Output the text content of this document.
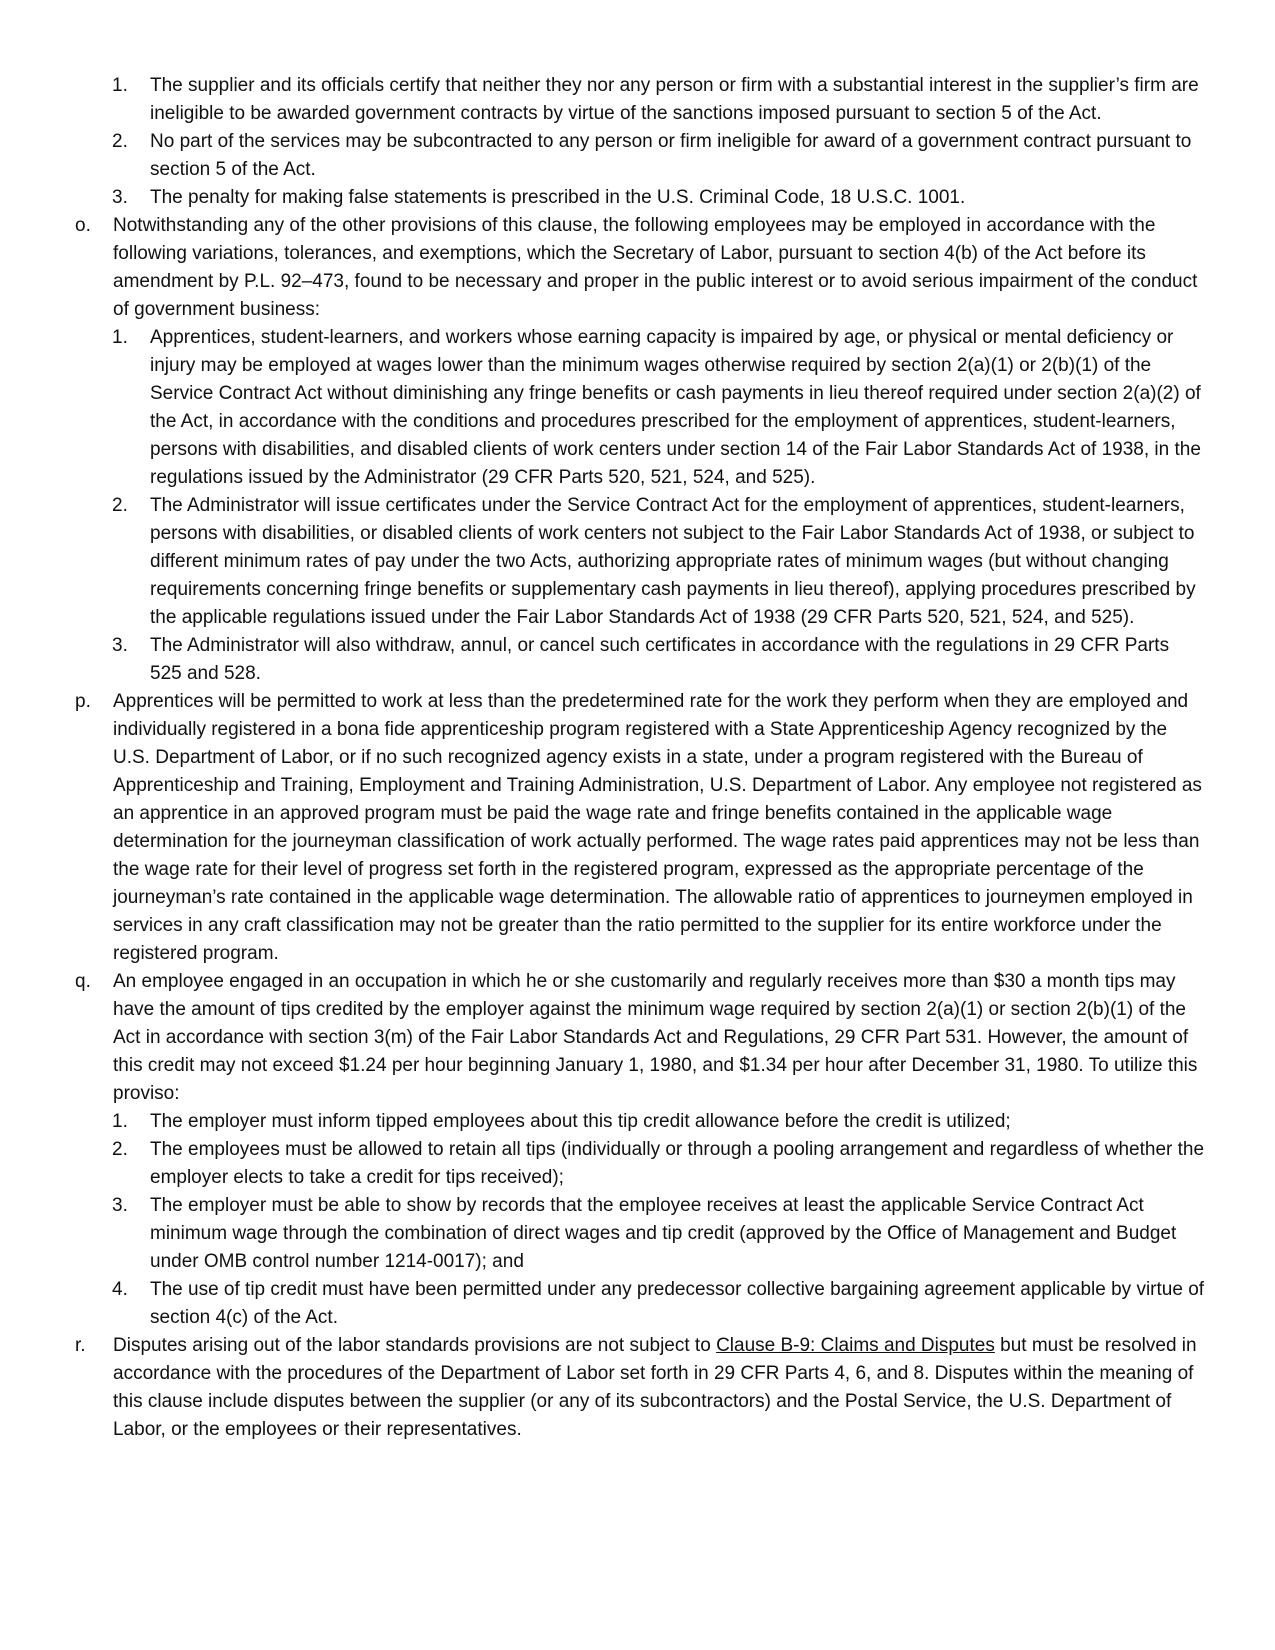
1. The supplier and its officials certify that neither they nor any person or firm with a substantial interest in the supplier’s firm are ineligible to be awarded government contracts by virtue of the sanctions imposed pursuant to section 5 of the Act.
2. No part of the services may be subcontracted to any person or firm ineligible for award of a government contract pursuant to section 5 of the Act.
3. The penalty for making false statements is prescribed in the U.S. Criminal Code, 18 U.S.C. 1001.
o. Notwithstanding any of the other provisions of this clause, the following employees may be employed in accordance with the following variations, tolerances, and exemptions, which the Secretary of Labor, pursuant to section 4(b) of the Act before its amendment by P.L. 92–473, found to be necessary and proper in the public interest or to avoid serious impairment of the conduct of government business:
1. Apprentices, student-learners, and workers whose earning capacity is impaired by age, or physical or mental deficiency or injury may be employed at wages lower than the minimum wages otherwise required by section 2(a)(1) or 2(b)(1) of the Service Contract Act without diminishing any fringe benefits or cash payments in lieu thereof required under section 2(a)(2) of the Act, in accordance with the conditions and procedures prescribed for the employment of apprentices, student-learners, persons with disabilities, and disabled clients of work centers under section 14 of the Fair Labor Standards Act of 1938, in the regulations issued by the Administrator (29 CFR Parts 520, 521, 524, and 525).
2. The Administrator will issue certificates under the Service Contract Act for the employment of apprentices, student-learners, persons with disabilities, or disabled clients of work centers not subject to the Fair Labor Standards Act of 1938, or subject to different minimum rates of pay under the two Acts, authorizing appropriate rates of minimum wages (but without changing requirements concerning fringe benefits or supplementary cash payments in lieu thereof), applying procedures prescribed by the applicable regulations issued under the Fair Labor Standards Act of 1938 (29 CFR Parts 520, 521, 524, and 525).
3. The Administrator will also withdraw, annul, or cancel such certificates in accordance with the regulations in 29 CFR Parts 525 and 528.
p. Apprentices will be permitted to work at less than the predetermined rate for the work they perform when they are employed and individually registered in a bona fide apprenticeship program registered with a State Apprenticeship Agency recognized by the U.S. Department of Labor, or if no such recognized agency exists in a state, under a program registered with the Bureau of Apprenticeship and Training, Employment and Training Administration, U.S. Department of Labor. Any employee not registered as an apprentice in an approved program must be paid the wage rate and fringe benefits contained in the applicable wage determination for the journeyman classification of work actually performed. The wage rates paid apprentices may not be less than the wage rate for their level of progress set forth in the registered program, expressed as the appropriate percentage of the journeyman’s rate contained in the applicable wage determination. The allowable ratio of apprentices to journeymen employed in services in any craft classification may not be greater than the ratio permitted to the supplier for its entire workforce under the registered program.
q. An employee engaged in an occupation in which he or she customarily and regularly receives more than $30 a month tips may have the amount of tips credited by the employer against the minimum wage required by section 2(a)(1) or section 2(b)(1) of the Act in accordance with section 3(m) of the Fair Labor Standards Act and Regulations, 29 CFR Part 531. However, the amount of this credit may not exceed $1.24 per hour beginning January 1, 1980, and $1.34 per hour after December 31, 1980. To utilize this proviso:
1. The employer must inform tipped employees about this tip credit allowance before the credit is utilized;
2. The employees must be allowed to retain all tips (individually or through a pooling arrangement and regardless of whether the employer elects to take a credit for tips received);
3. The employer must be able to show by records that the employee receives at least the applicable Service Contract Act minimum wage through the combination of direct wages and tip credit (approved by the Office of Management and Budget under OMB control number 1214-0017); and
4. The use of tip credit must have been permitted under any predecessor collective bargaining agreement applicable by virtue of section 4(c) of the Act.
r. Disputes arising out of the labor standards provisions are not subject to Clause B-9: Claims and Disputes but must be resolved in accordance with the procedures of the Department of Labor set forth in 29 CFR Parts 4, 6, and 8. Disputes within the meaning of this clause include disputes between the supplier (or any of its subcontractors) and the Postal Service, the U.S. Department of Labor, or the employees or their representatives.
